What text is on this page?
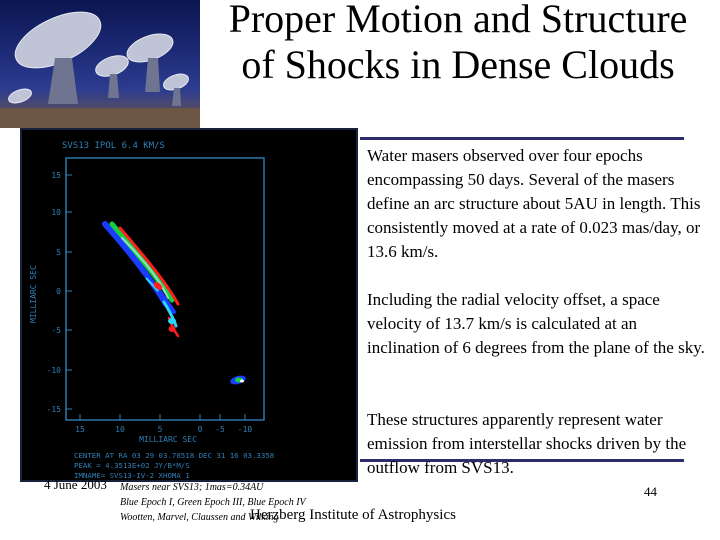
Proper Motion and Structure
of Shocks in Dense Clouds
SVS13 IPOL 6.4 KM/S
15
10
5
0
-5
-10
-15
MILLIARC SEC
15	10	5	0 -5 -10
MILLIARC SEC
CENTER AT RA 03 29 03.70518 DEC 31 16 03.3358
PEAK = 4.3513E+02 JY/B*M/S
IMNAME= SVS13-IV-2 XHOMA 1
Water masers observed over four epochs encompassing 50 days. Several of the masers define an arc structure about 5AU in length. This consistently moved at a rate of 0.023 mas/day, or 13.6 km/s.
Including the radial velocity offset, a space velocity of 13.7 km/s is calculated at an inclination of 6 degrees from the plane of the sky.
These structures apparently represent water emission from interstellar shocks driven by the outflow from SVS13.
4 June 2003 Masers near SVS13; 1mas=0.34AU
Blue Epoch I, Green Epoch III, Blue Epoch IV
Wootten, Marvel, Claussen and Wilking
44
Herzberg Institute of Astrophysics
